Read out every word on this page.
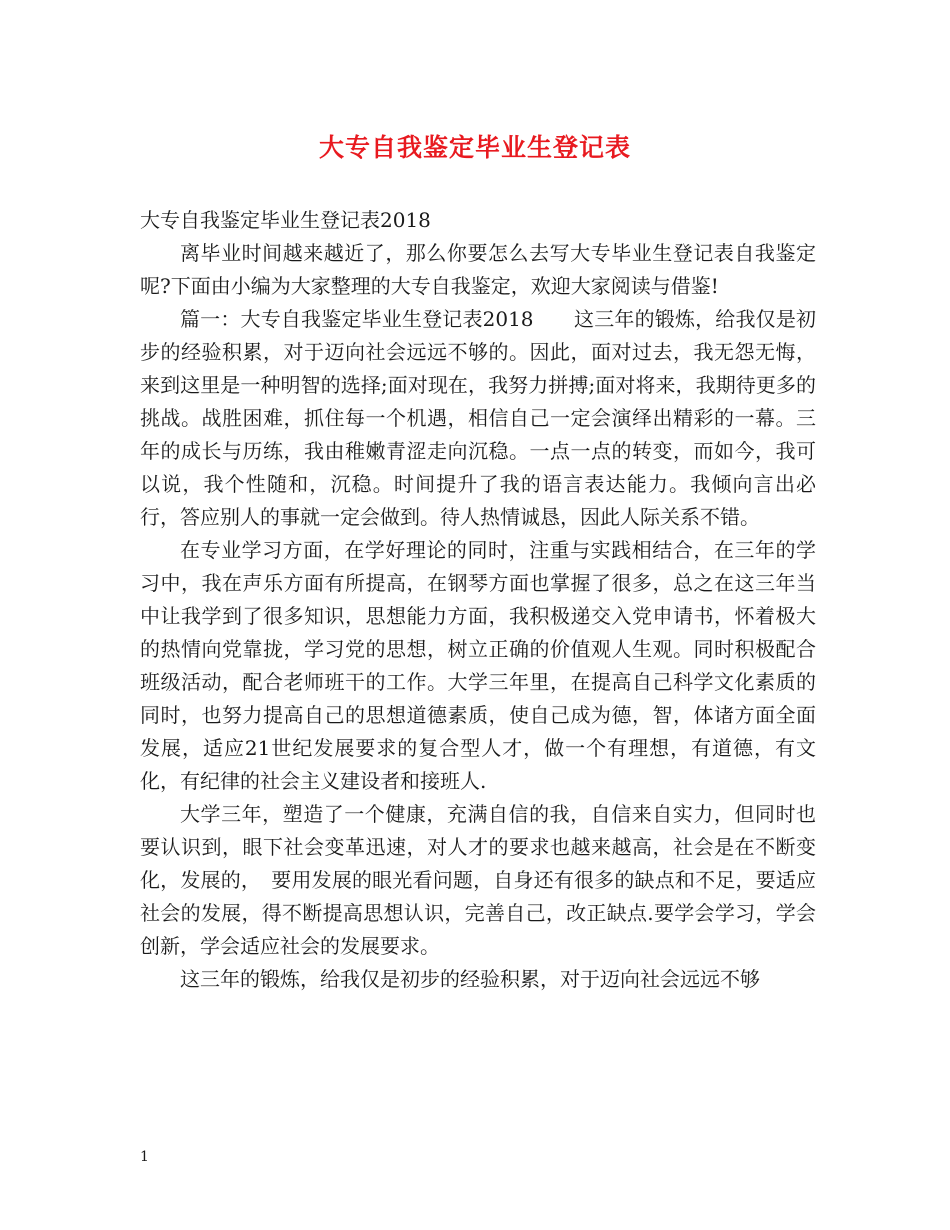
大专自我鉴定毕业生登记表

大专自我鉴定毕业生登记表2018

离毕业时间越来越近了，那么你要怎么去写大专毕业生登记表自我鉴定呢?下面由小编为大家整理的大专自我鉴定，欢迎大家阅读与借鉴!

篇一：大专自我鉴定毕业生登记表2018　　这三年的锻炼，给我仅是初步的经验积累，对于迈向社会远远不够的。因此，面对过去，我无怨无悔，来到这里是一种明智的选择;面对现在，我努力拼搏;面对将来，我期待更多的挑战。战胜困难，抓住每一个机遇，相信自己一定会演绎出精彩的一幕。三年的成长与历练，我由稚嫩青涩走向沉稳。一点一点的转变，而如今，我可以说，我个性随和，沉稳。时间提升了我的语言表达能力。我倾向言出必行，答应别人的事就一定会做到。待人热情诚恳，因此人际关系不错。

在专业学习方面，在学好理论的同时，注重与实践相结合，在三年的学习中，我在声乐方面有所提高，在钢琴方面也掌握了很多，总之在这三年当中让我学到了很多知识，思想能力方面，我积极递交入党申请书，怀着极大的热情向党靠拢，学习党的思想，树立正确的价值观人生观。同时积极配合班级活动，配合老师班干的工作。大学三年里，在提高自己科学文化素质的同时，也努力提高自己的思想道德素质，使自己成为德，智，体诸方面全面发展，适应21世纪发展要求的复合型人才，做一个有理想，有道德，有文化，有纪律的社会主义建设者和接班人.

大学三年，塑造了一个健康，充满自信的我，自信来自实力，但同时也要认识到，眼下社会变革迅速，对人才的要求也越来越高，社会是在不断变化，发展的，　要用发展的眼光看问题，自身还有很多的缺点和不足，要适应社会的发展，得不断提高思想认识，完善自己，改正缺点.要学会学习，学会创新，学会适应社会的发展要求。

这三年的锻炼，给我仅是初步的经验积累，对于迈向社会远远不够

1
